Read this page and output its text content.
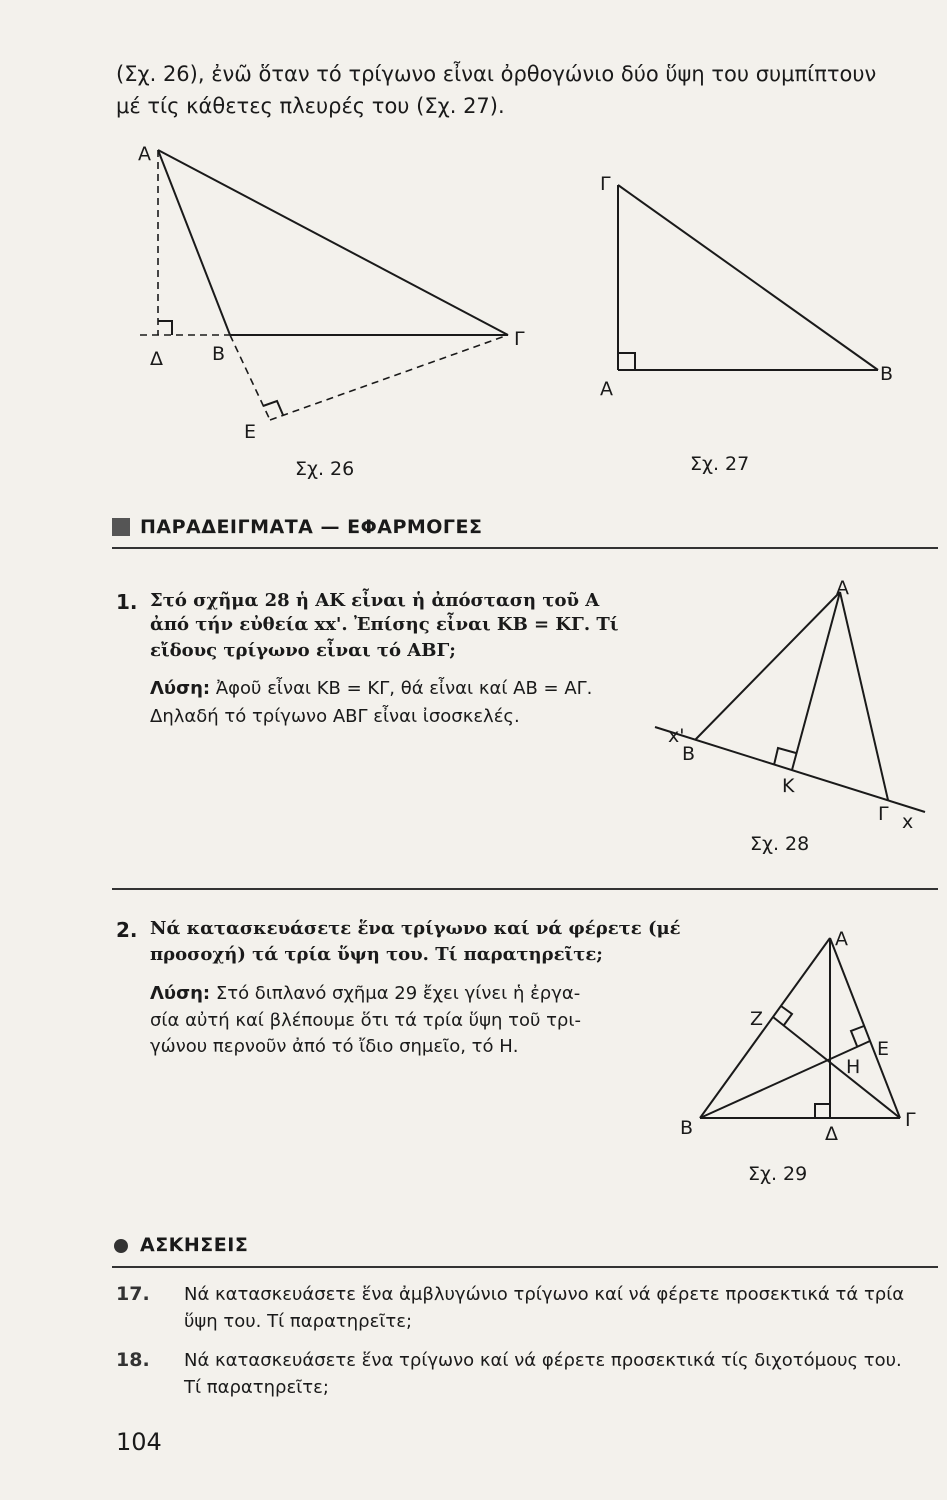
(Σχ. 26), ἐνῶ ὅταν τό τρίγωνο εἶναι ὀρθογώνιο δύο ὕψη του συμπίπτουν
μέ τίς κάθετες πλευρές του (Σχ. 27).
Α
Δ	Β
Γ
Ε
Σχ. 26
Γ
Α
Β
Σχ. 27
ΠΑΡΑΔΕΙΓΜΑΤΑ — ΕΦΑΡΜΟΓΕΣ
1. Στό σχῆμα 28 ἡ ΑΚ εἶναι ἡ ἀπόσταση τοῦ Α
ἀπό τήν εὐθεία xx'. Ἐπίσης εἶναι ΚΒ = ΚΓ. Τί
εἴδους τρίγωνο εἶναι τό ΑΒΓ;
Λύση: Ἀφοῦ εἶναι ΚΒ = ΚΓ, θά εἶναι καί ΑΒ = ΑΓ.
Δηλαδή τό τρίγωνο ΑΒΓ εἶναι ἰσοσκελές.
Α
x'
Β
Κ
Γ x
Σχ. 28
2. Νά κατασκευάσετε ἕνα τρίγωνο καί νά φέρετε (μέ
προσοχή) τά τρία ὕψη του. Τί παρατηρεῖτε;
Λύση: Στό διπλανό σχῆμα 29 ἔχει γίνει ἡ ἐργα-
σία αὐτή καί βλέπουμε ὅτι τά τρία ὕψη τοῦ τρι-
γώνου περνοῦν ἀπό τό ἴδιο σημεῖο, τό Η.
Α
Ζ
Ε
Η
Β	Δ
Γ
Σχ. 29
ΑΣΚΗΣΕΙΣ
17. Νά κατασκευάσετε ἕνα ἀμβλυγώνιο τρίγωνο καί νά φέρετε προσεκτικά τά τρία
ὕψη του. Τί παρατηρεῖτε;
18. Νά κατασκευάσετε ἕνα τρίγωνο καί νά φέρετε προσεκτικά τίς διχοτόμους του.
Τί παρατηρεῖτε;
104
